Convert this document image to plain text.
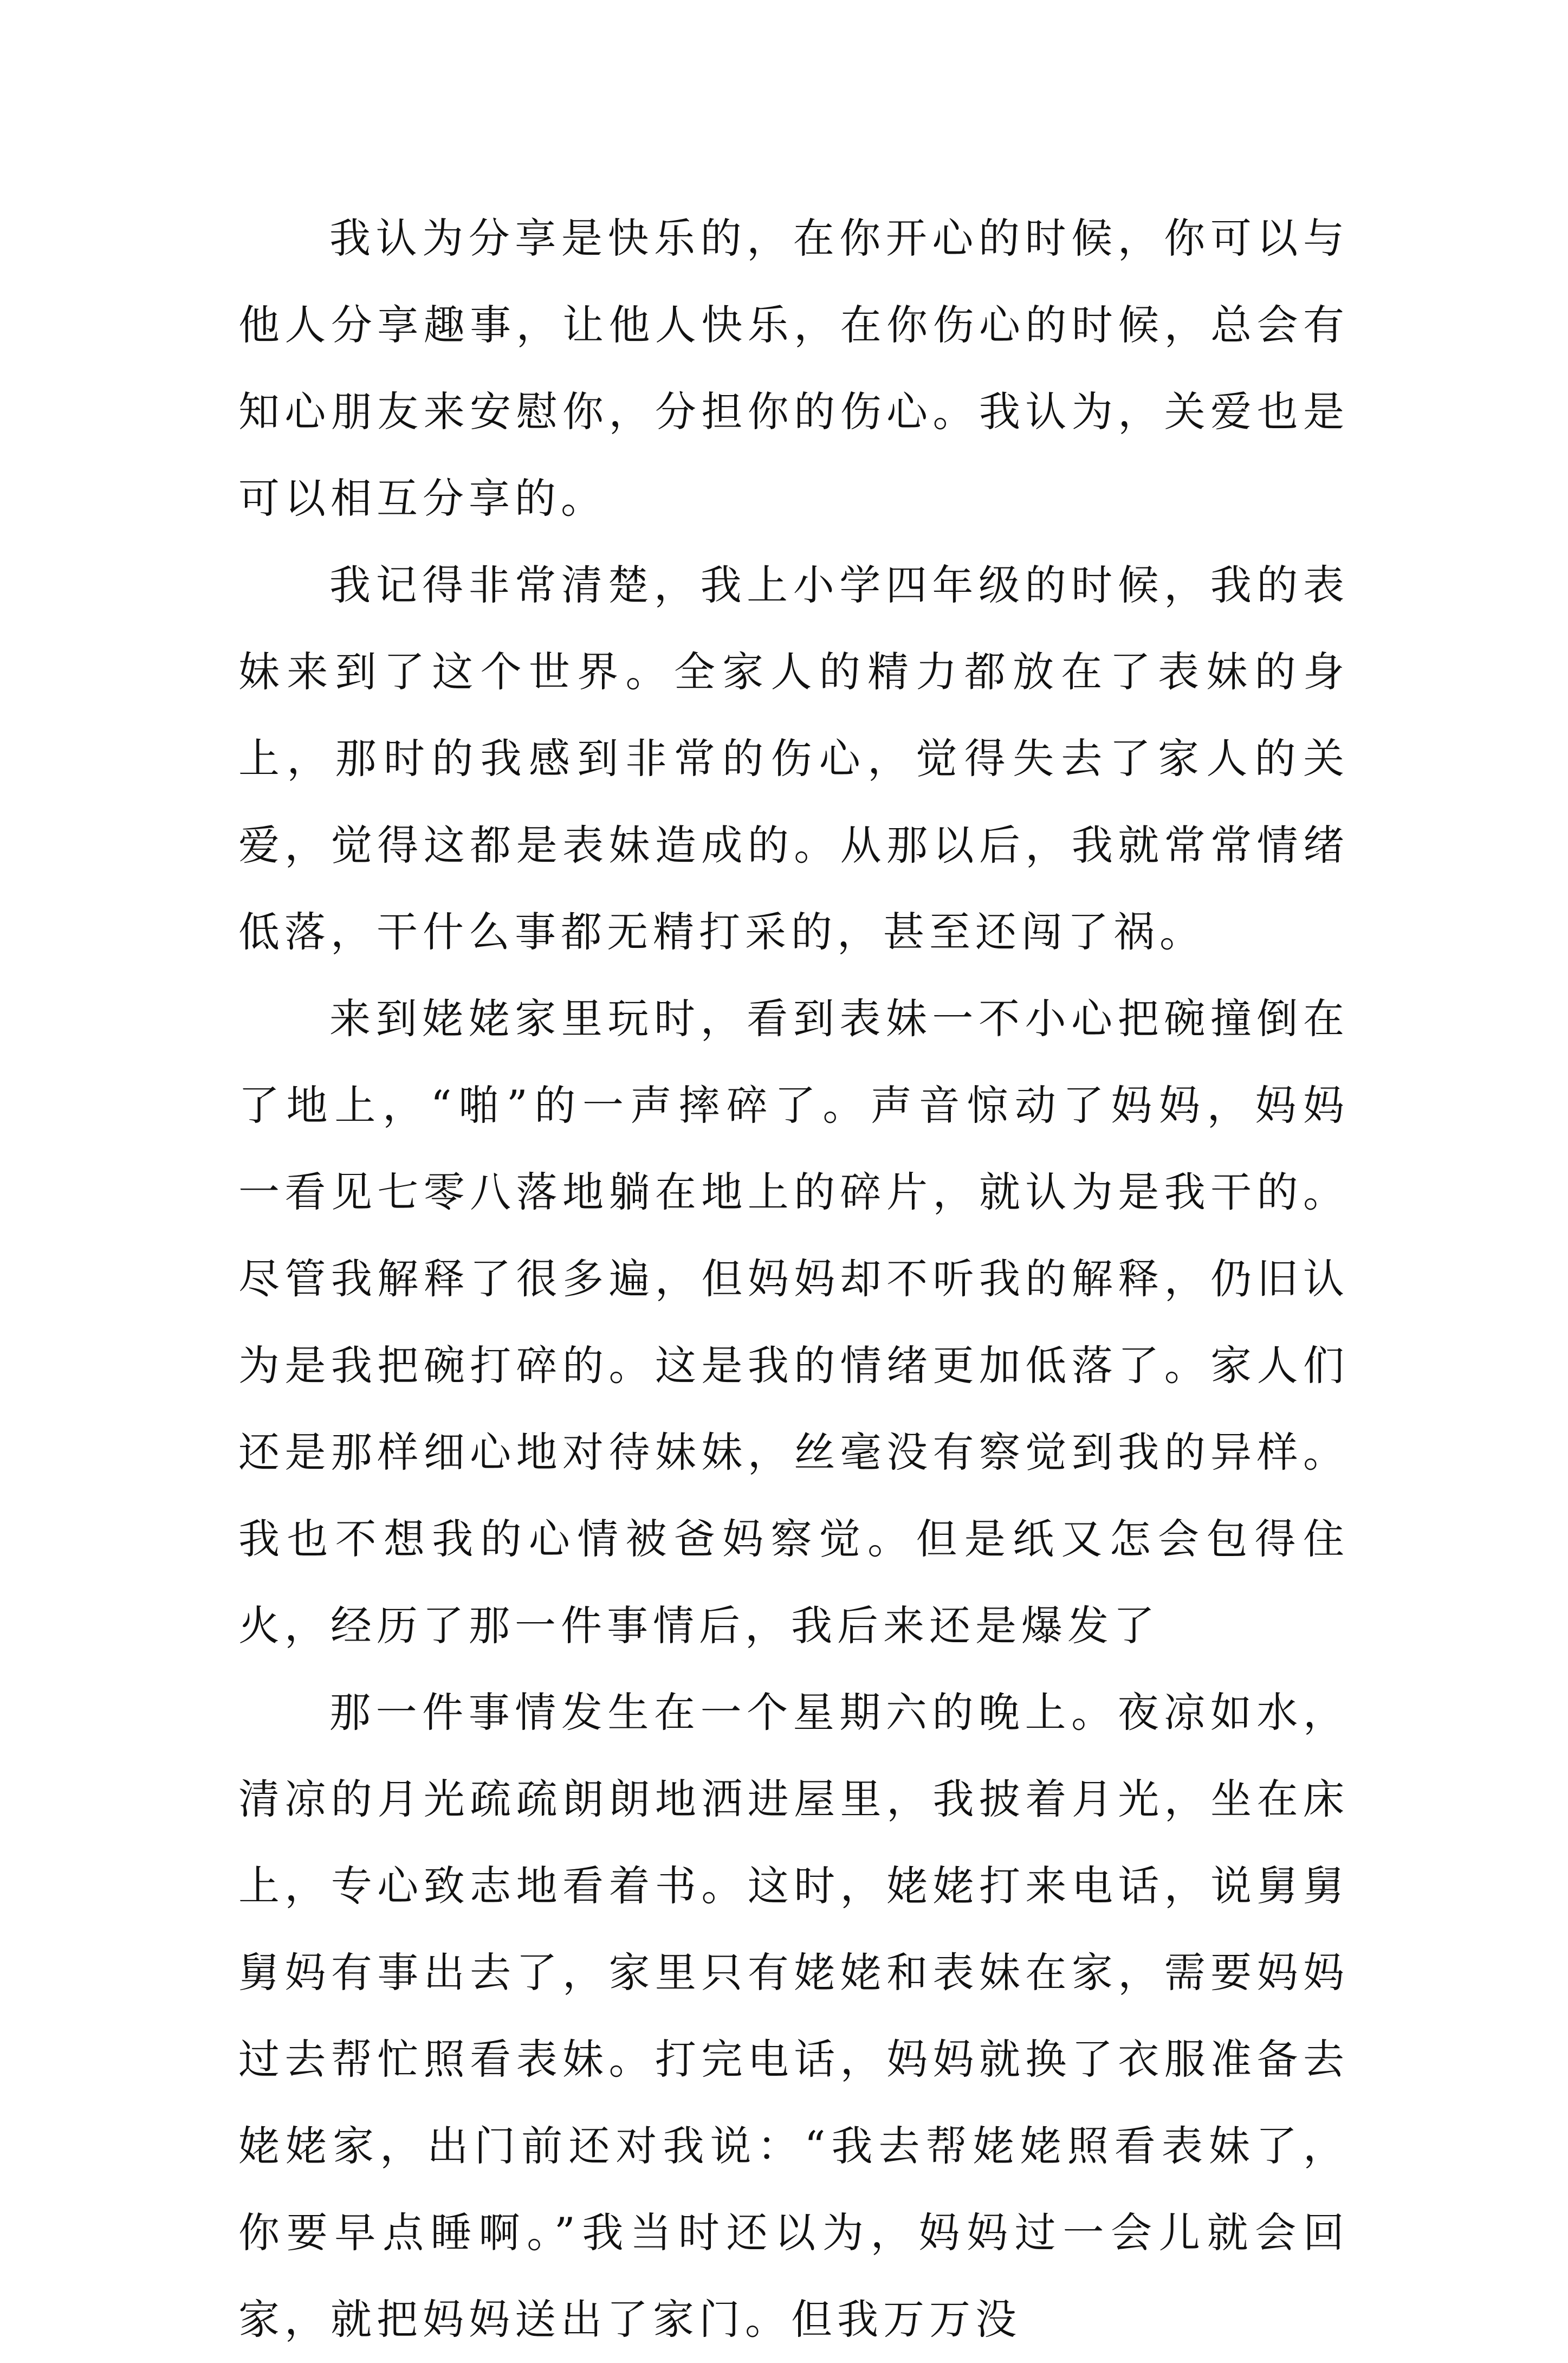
我认为分享是快乐的，在你开心的时候，你可以与他人分享趣事，让他人快乐，在你伤心的时候，总会有知心朋友来安慰你，分担你的伤心。我认为，关爱也是可以相互分享的。

我记得非常清楚，我上小学四年级的时候，我的表妹来到了这个世界。全家人的精力都放在了表妹的身上，那时的我感到非常的伤心，觉得失去了家人的关爱，觉得这都是表妹造成的。从那以后，我就常常情绪低落，干什么事都无精打采的，甚至还闯了祸。

来到姥姥家里玩时，看到表妹一不小心把碗撞倒在了地上，“啪”的一声摔碎了。声音惊动了妈妈，妈妈一看见七零八落地躺在地上的碎片，就认为是我干的。尽管我解释了很多遍，但妈妈却不听我的解释，仍旧认为是我把碗打碎的。这是我的情绪更加低落了。家人们还是那样细心地对待妹妹，丝毫没有察觉到我的异样。我也不想我的心情被爸妈察觉。但是纸又怎会包得住火，经历了那一件事情后，我后来还是爆发了

那一件事情发生在一个星期六的晚上。夜凉如水，清凉的月光疏疏朗朗地洒进屋里，我披着月光，坐在床上，专心致志地看着书。这时，姥姥打来电话，说舅舅舅妈有事出去了，家里只有姥姥和表妹在家，需要妈妈过去帮忙照看表妹。打完电话，妈妈就换了衣服准备去姥姥家，出门前还对我说：“我去帮姥姥照看表妹了，你要早点睡啊。”我当时还以为，妈妈过一会儿就会回家，就把妈妈送出了家门。但我万万没
